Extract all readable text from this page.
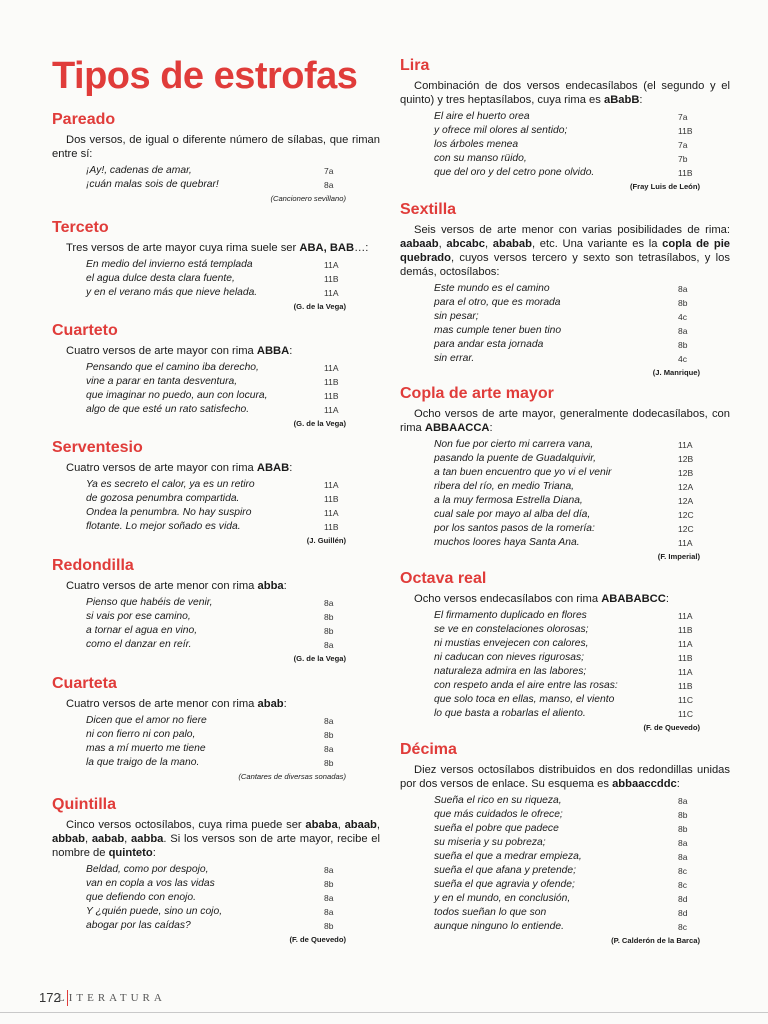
Tipos de estrofas
Pareado

Dos versos, de igual o diferente número de sílabas, que riman entre sí:

¡Ay!, cadenas de amar,	7a
¡cuán malas sois de quebrar!	8a
(Cancionero sevillano)
Terceto

Tres versos de arte mayor cuya rima suele ser ABA, BAB…:

En medio del invierno está templada	11A
el agua dulce desta clara fuente,	11B
y en el verano más que nieve helada.	11A
(G. de la Vega)
Cuarteto

Cuatro versos de arte mayor con rima ABBA:

Pensando que el camino iba derecho,	11A
vine a parar en tanta desventura,	11B
que imaginar no puedo, aun con locura,	11B
algo de que esté un rato satisfecho.	11A
(G. de la Vega)
Serventesio

Cuatro versos de arte mayor con rima ABAB:

Ya es secreto el calor, ya es un retiro	11A
de gozosa penumbra compartida.	11B
Ondea la penumbra. No hay suspiro	11A
flotante. Lo mejor soñado es vida.	11B
(J. Guillén)
Redondilla

Cuatro versos de arte menor con rima abba:

Pienso que habéis de venir,	8a
si vais por ese camino,	8b
a tornar el agua en vino,	8b
como el danzar en reír.	8a
(G. de la Vega)
Cuarteta

Cuatro versos de arte menor con rima abab:

Dicen que el amor no fiere	8a
ni con fierro ni con palo,	8b
mas a mí muerto me tiene	8a
la que traigo de la mano.	8b
(Cantares de diversas sonadas)
Quintilla

Cinco versos octosílabos, cuya rima puede ser ababa, abaab, abbab, aabab, aabba. Si los versos son de arte mayor, recibe el nombre de quinteto:

Beldad, como por despojo,	8a
van en copla a vos las vidas	8b
que defiendo con enojo.	8a
Y ¿quién puede, sino un cojo,	8a
abogar por las caídas?	8b
(F. de Quevedo)
Lira

Combinación de dos versos endecasílabos (el segundo y el quinto) y tres heptasílabos, cuya rima es aBabB:

El aire el huerto orea	7a
y ofrece mil olores al sentido;	11B
los árboles menea	7a
con su manso rüido,	7b
que del oro y del cetro pone olvido.	11B
(Fray Luis de León)
Sextilla

Seis versos de arte menor con varias posibilidades de rima: aabaab, abcabc, ababab, etc. Una variante es la copla de pie quebrado, cuyos versos tercero y sexto son tetrasílabos, y los demás, octosílabos:

Este mundo es el camino	8a
para el otro, que es morada	8b
sin pesar;	4c
mas cumple tener buen tino	8a
para andar esta jornada	8b
sin errar.	4c
(J. Manrique)
Copla de arte mayor

Ocho versos de arte mayor, generalmente dodecasílabos, con rima ABBAACCA:

Non fue por cierto mi carrera vana,	11A
pasando la puente de Guadalquivir,	12B
a tan buen encuentro que yo vi el venir	12B
ribera del río, en medio Triana,	12A
a la muy fermosa Estrella Diana,	12A
cual sale por mayo al alba del día,	12C
por los santos pasos de la romería:	12C
muchos loores haya Santa Ana.	11A
(F. Imperial)
Octava real

Ocho versos endecasílabos con rima ABABABCC:

El firmamento duplicado en flores	11A
se ve en constelaciones olorosas;	11B
ni mustias envejecen con calores,	11A
ni caducan con nieves rigurosas;	11B
naturaleza admira en las labores;	11A
con respeto anda el aire entre las rosas:	11B
que solo toca en ellas, manso, el viento	11C
lo que basta a robarlas el aliento.	11C
(F. de Quevedo)
Décima

Diez versos octosílabos distribuidos en dos redondillas unidas por dos versos de enlace. Su esquema es abbaaccddc:

Sueña el rico en su riqueza,	8a
que más cuidados le ofrece;	8b
sueña el pobre que padece	8b
su miseria y su pobreza;	8a
sueña el que a medrar empieza,	8a
sueña el que afana y pretende;	8c
sueña el que agravia y ofende;	8c
y en el mundo, en conclusión,	8d
todos sueñan lo que son	8d
aunque ninguno lo entiende.	8c
(P. Calderón de la Barca)
172
LITERATURA
